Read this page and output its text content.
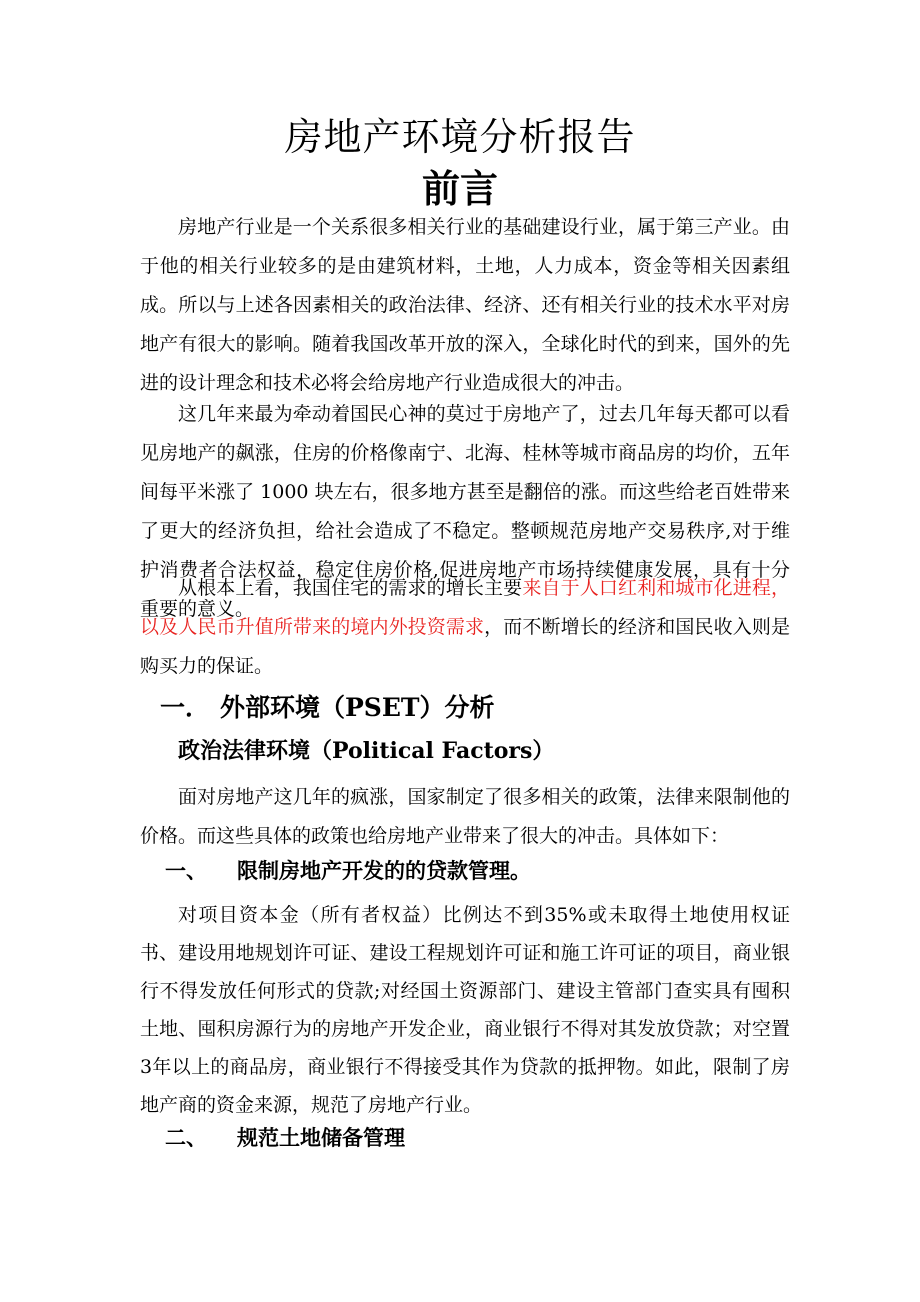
房地产环境分析报告
前言

房地产行业是一个关系很多相关行业的基础建设行业，属于第三产业。由于他的相关行业较多的是由建筑材料，土地，人力成本，资金等相关因素组成。所以与上述各因素相关的政治法律、经济、还有相关行业的技术水平对房地产有很大的影响。随着我国改革开放的深入，全球化时代的到来，国外的先进的设计理念和技术必将会给房地产行业造成很大的冲击。

这几年来最为牵动着国民心神的莫过于房地产了，过去几年每天都可以看见房地产的飙涨，住房的价格像南宁、北海、桂林等城市商品房的均价，五年间每平米涨了 1000 块左右，很多地方甚至是翻倍的涨。而这些给老百姓带来了更大的经济负担，给社会造成了不稳定。整顿规范房地产交易秩序,对于维护消费者合法权益，稳定住房价格,促进房地产市场持续健康发展，具有十分重要的意义。

从根本上看，我国住宅的需求的增长主要来自于人口红利和城市化进程，以及人民币升值所带来的境内外投资需求，而不断增长的经济和国民收入则是购买力的保证。

一． 外部环境（PSET）分析
政治法律环境（Political Factors）

面对房地产这几年的疯涨，国家制定了很多相关的政策，法律来限制他的价格。而这些具体的政策也给房地产业带来了很大的冲击。具体如下：

一、 限制房地产开发的的贷款管理。

对项目资本金（所有者权益）比例达不到35%或未取得土地使用权证书、建设用地规划许可证、建设工程规划许可证和施工许可证的项目，商业银行不得发放任何形式的贷款;对经国土资源部门、建设主管部门查实具有囤积土地、囤积房源行为的房地产开发企业，商业银行不得对其发放贷款；对空置3年以上的商品房，商业银行不得接受其作为贷款的抵押物。如此，限制了房地产商的资金来源，规范了房地产行业。

二、 规范土地储备管理
